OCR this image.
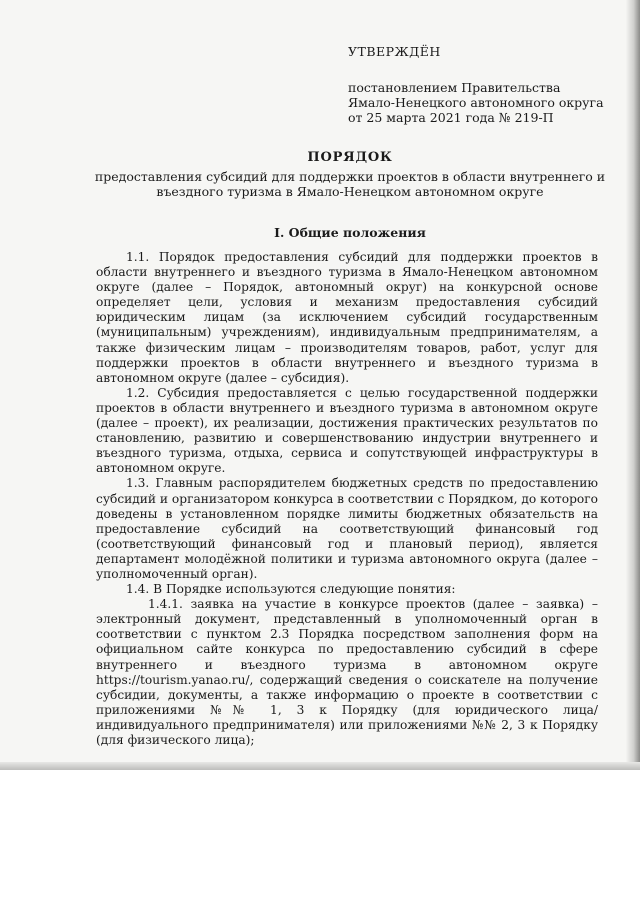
УТВЕРЖДЁН
постановлением Правительства
Ямало-Ненецкого автономного округа
от 25 марта 2021 года № 219-П
ПОРЯДОК
предоставления субсидий для поддержки проектов в области внутреннего и
въездного туризма в Ямало-Ненецком автономном округе
I. Общие положения

1.1. Порядок предоставления субсидий для поддержки проектов в области внутреннего и въездного туризма в Ямало-Ненецком автономном округе (далее – Порядок, автономный округ) на конкурсной основе определяет цели, условия и механизм предоставления субсидий юридическим лицам (за исключением субсидий государственным (муниципальным) учреждениям), индивидуальным предпринимателям, а также физическим лицам – производителям товаров, работ, услуг для поддержки проектов в области внутреннего и въездного туризма в автономном округе (далее – субсидия).

1.2. Субсидия предоставляется с целью государственной поддержки проектов в области внутреннего и въездного туризма в автономном округе (далее – проект), их реализации, достижения практических результатов по становлению, развитию и совершенствованию индустрии внутреннего и въездного туризма, отдыха, сервиса и сопутствующей инфраструктуры в автономном округе.

1.3. Главным распорядителем бюджетных средств по предоставлению субсидий и организатором конкурса в соответствии с Порядком, до которого доведены в установленном порядке лимиты бюджетных обязательств на предоставление субсидий на соответствующий финансовый год (соответствующий финансовый год и плановый период), является департамент молодёжной политики и туризма автономного округа (далее – уполномоченный орган).

1.4. В Порядке используются следующие понятия:

1.4.1. заявка на участие в конкурсе проектов (далее – заявка) – электронный документ, представленный в уполномоченный орган в соответствии с пунктом 2.3 Порядка посредством заполнения форм на официальном сайте конкурса по предоставлению субсидий в сфере внутреннего и въездного туризма в автономном округе https://tourism.yanao.ru/, содержащий сведения о соискателе на получение субсидии, документы, а также информацию о проекте в соответствии с приложениями №№ 1, 3 к Порядку (для юридического лица/индивидуального предпринимателя) или приложениями №№ 2, 3 к Порядку (для физического лица);
